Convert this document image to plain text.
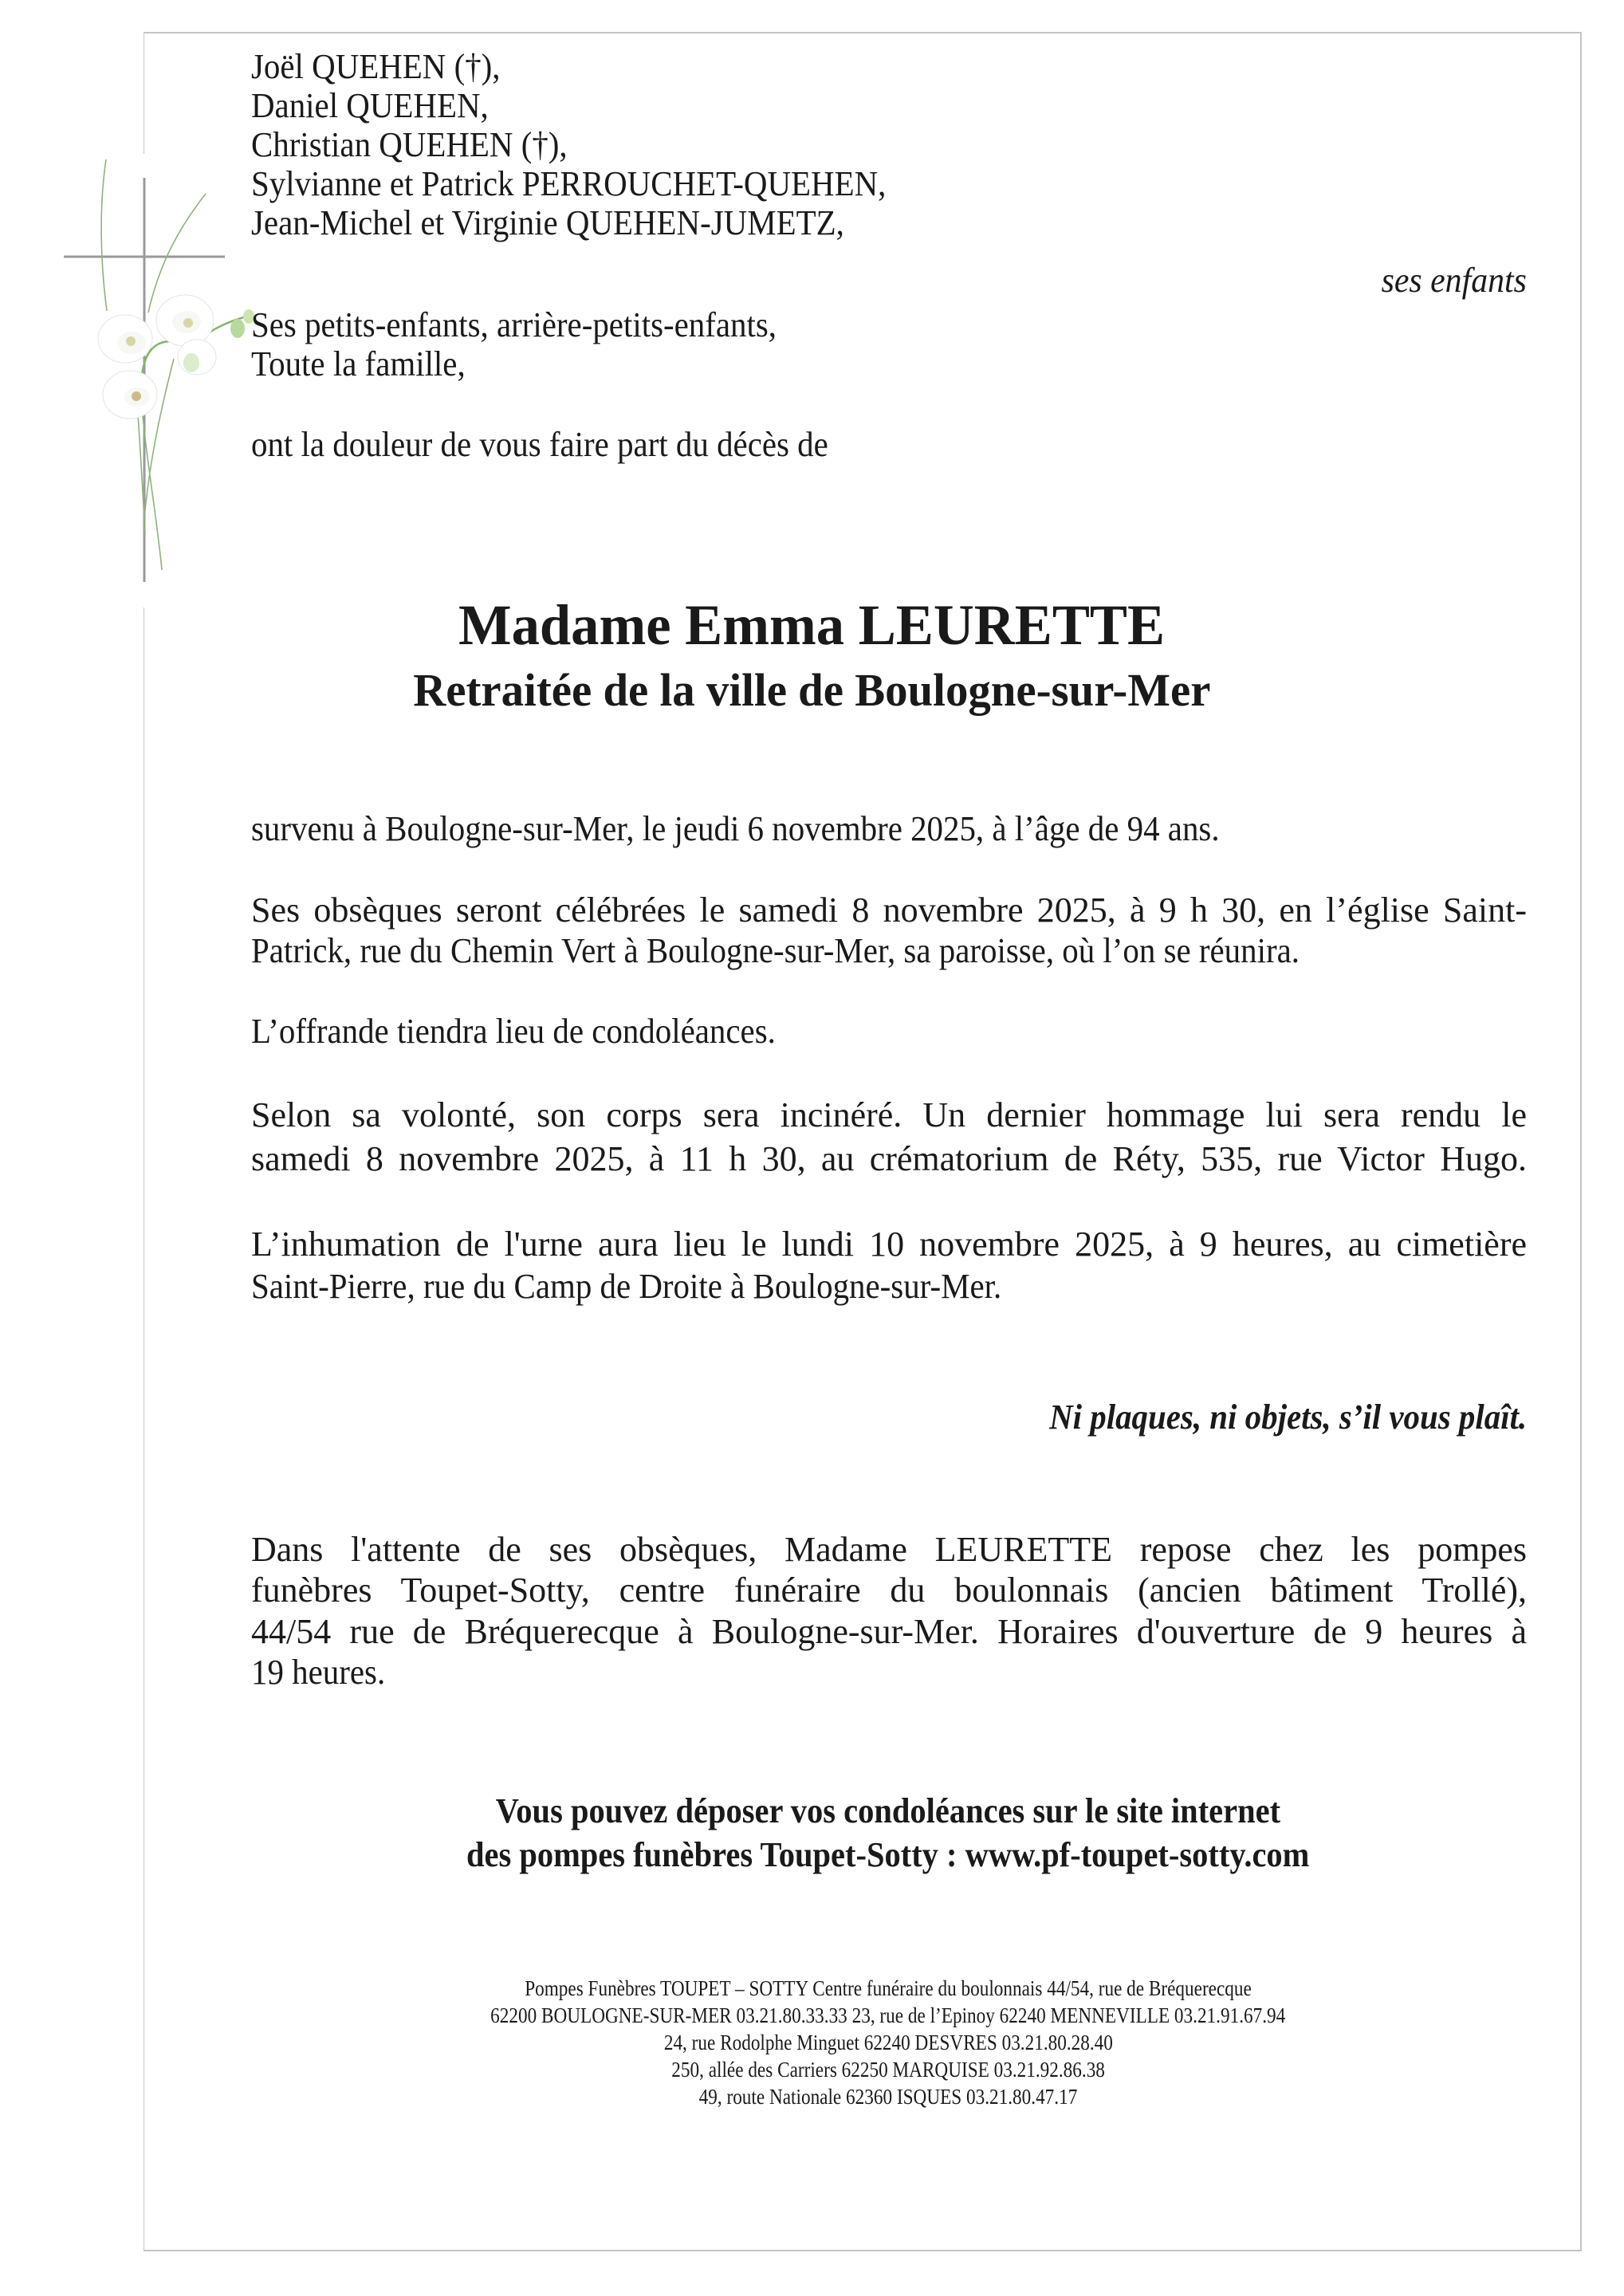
Joël QUEHEN (†),
Daniel QUEHEN,
Christian QUEHEN (†),
Sylvianne et Patrick PERROUCHET-QUEHEN,
Jean-Michel et Virginie QUEHEN-JUMETZ,
ses enfants
Ses petits-enfants, arrière-petits-enfants,
Toute la famille,
ont la douleur de vous faire part du décès de
Madame Emma LEURETTE
Retraitée de la ville de Boulogne-sur-Mer
survenu à Boulogne-sur-Mer, le jeudi 6 novembre 2025, à l’âge de 94 ans.
Ses obsèques seront célébrées le samedi 8 novembre 2025, à 9 h 30, en l’église Saint-
Patrick, rue du Chemin Vert à Boulogne-sur-Mer, sa paroisse, où l’on se réunira.
L’offrande tiendra lieu de condoléances.
Selon sa volonté, son corps sera incinéré. Un dernier hommage lui sera rendu le
samedi 8 novembre 2025, à 11 h 30, au crématorium de Réty, 535, rue Victor Hugo.
L’inhumation de l'urne aura lieu le lundi 10 novembre 2025, à 9 heures, au cimetière
Saint-Pierre, rue du Camp de Droite à Boulogne-sur-Mer.
Ni plaques, ni objets, s’il vous plaît.
Dans l'attente de ses obsèques, Madame LEURETTE repose chez les pompes
funèbres Toupet-Sotty, centre funéraire du boulonnais (ancien bâtiment Trollé),
44/54 rue de Bréquerecque à Boulogne-sur-Mer. Horaires d'ouverture de 9 heures à
19 heures.
Vous pouvez déposer vos condoléances sur le site internet
des pompes funèbres Toupet-Sotty : www.pf-toupet-sotty.com
Pompes Funèbres TOUPET – SOTTY Centre funéraire du boulonnais 44/54, rue de Bréquerecque
62200 BOULOGNE-SUR-MER 03.21.80.33.33 23, rue de l’Epinoy 62240 MENNEVILLE 03.21.91.67.94
24, rue Rodolphe Minguet 62240 DESVRES 03.21.80.28.40
250, allée des Carriers 62250 MARQUISE 03.21.92.86.38
49, route Nationale 62360 ISQUES 03.21.80.47.17
